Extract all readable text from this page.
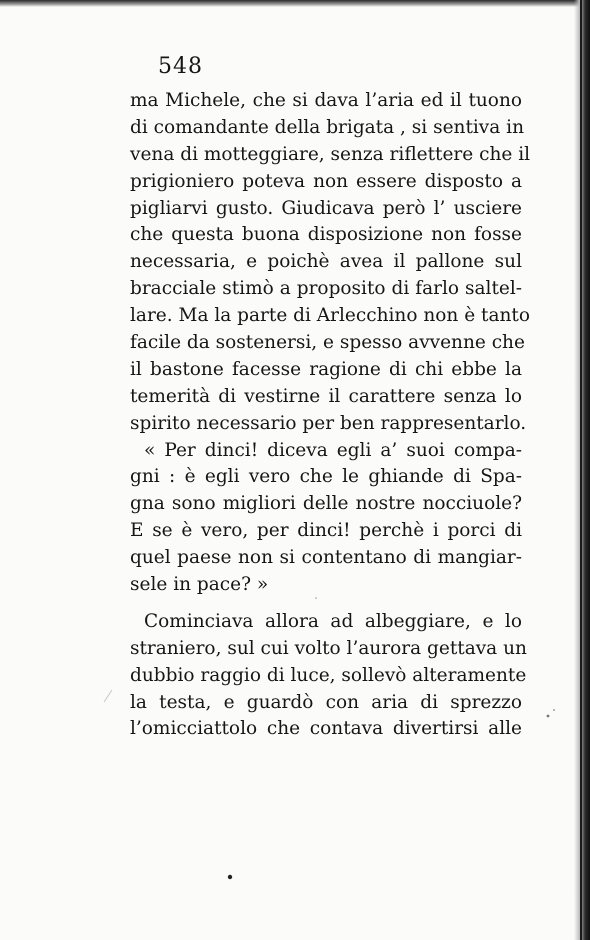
548

ma Michele, che si dava l’aria ed il tuono
di comandante della brigata , si sentiva in
vena di motteggiare, senza riflettere che il
prigioniero poteva non essere disposto a
pigliarvi gusto. Giudicava però l’ usciere
che questa buona disposizione non fosse
necessaria, e poichè avea il pallone sul
bracciale stimò a proposito di farlo saltel-
lare. Ma la parte di Arlecchino non è tanto
facile da sostenersi, e spesso avvenne che
il bastone facesse ragione di chi ebbe la
temerità di vestirne il carattere senza lo
spirito necessario per ben rappresentarlo.
« Per dinci! diceva egli a’ suoi compa-
gni : è egli vero che le ghiande di Spa-
gna sono migliori delle nostre nocciuole?
E se è vero, per dinci! perchè i porci di
quel paese non si contentano di mangiar-
sele in pace? »
Cominciava allora ad albeggiare, e lo
straniero, sul cui volto l’aurora gettava un
dubbio raggio di luce, sollevò alteramente
la testa, e guardò con aria di sprezzo
l’omicciattolo che contava divertirsi alle
